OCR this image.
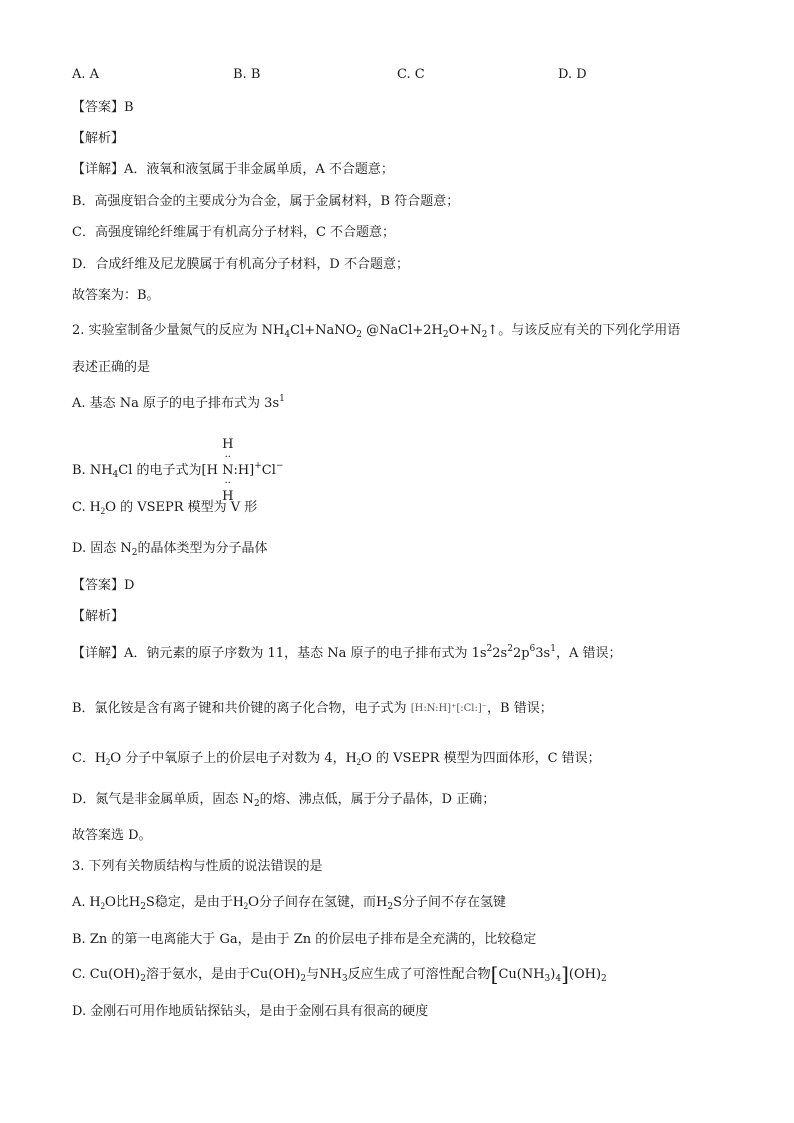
A. A	B. B	C. C	D. D
【答案】B
【解析】
【详解】A．液氧和液氢属于非金属单质，A 不合题意；
B．高强度铝合金的主要成分为合金，属于金属材料，B 符合题意；
C．高强度锦纶纤维属于有机高分子材料，C 不合题意；
D．合成纤维及尼龙膜属于有机高分子材料，D 不合题意；
故答案为：B。
2. 实验室制备少量氮气的反应为 $NH_4Cl+NaNO_2$ $@NaCl+2H_2O+N_2↑$。与该反应有关的下列化学用语
表述正确的是
A. 基态 Na 原子的电子排布式为 $3s^1$
B. $NH_4Cl$ 的电子式为[H
H
··
N
··
H
:H]+Cl−
C. $H_2O$ 的 VSEPR 模型为 V 形
D. 固态 $N_2$的晶体类型为分子晶体
【答案】D
【解析】
【详解】A．钠元素的原子序数为 11，基态 Na 原子的电子排布式为 $1s^22s^22p^63s^1$，A 错误；
B．氯化铵是含有离子键和共价键的离子化合物，电子式为 [H:N:H]⁺[:Cl:]⁻，B 错误；
C．$H_2O$ 分子中氧原子上的价层电子对数为 4，$H_2O$ 的 VSEPR 模型为四面体形，C 错误；
D．氮气是非金属单质，固态 $N_2$的熔、沸点低，属于分子晶体，D 正确；
故答案选 D。
3. 下列有关物质结构与性质的说法错误的是
A. $H_2O$比$H_2S$稳定，是由于$H_2O$分子间存在氢键，而$H_2S$分子间不存在氢键
B. Zn 的第一电离能大于 Ga，是由于 Zn 的价层电子排布是全充满的，比较稳定
C. $Cu(OH)_2$溶于氨水，是由于$Cu(OH)_2$与$NH_3$反应生成了可溶性配合物$[Cu(NH_3)_4](OH)_2$
D. 金刚石可用作地质钻探钻头，是由于金刚石具有很高的硬度
